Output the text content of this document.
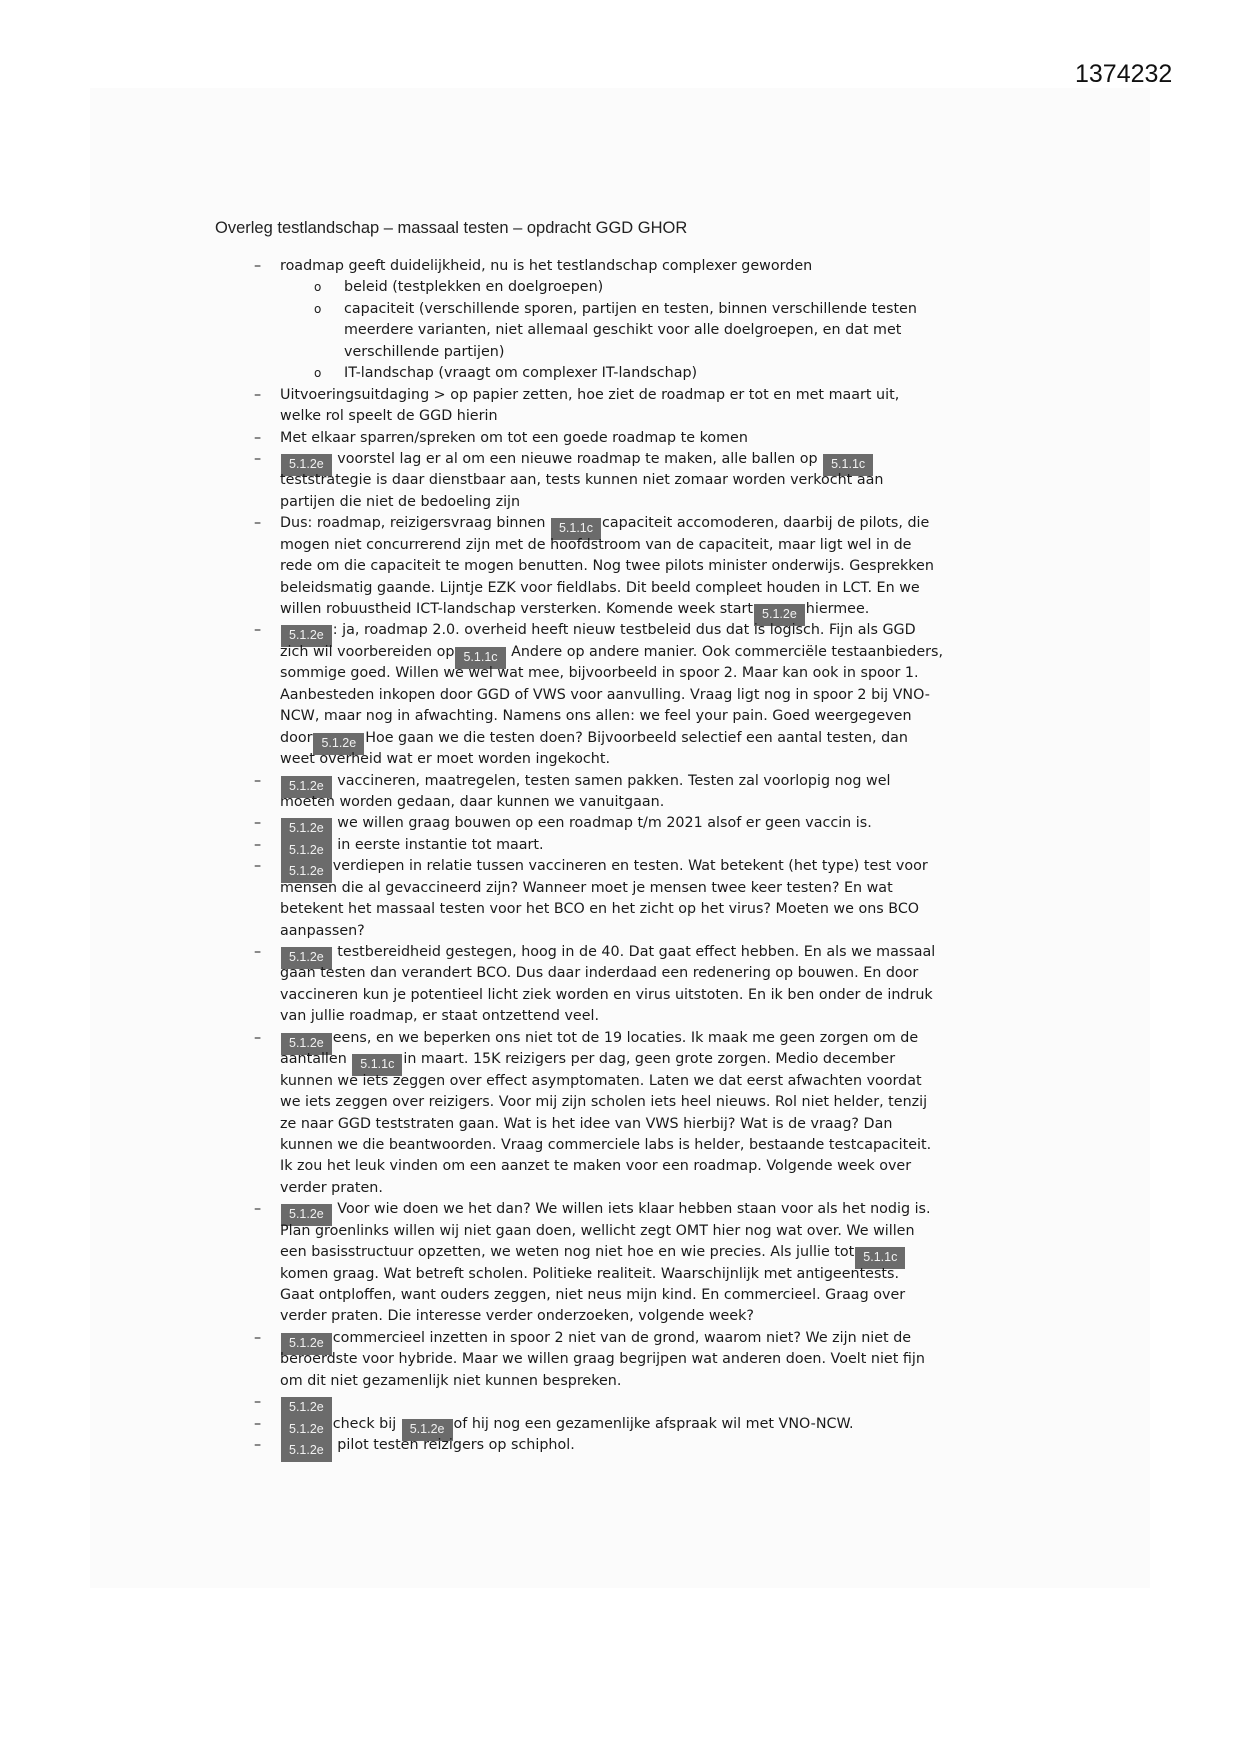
1374232
Overleg testlandschap – massaal testen – opdracht GGD GHOR
– roadmap geeft duidelijkheid, nu is het testlandschap complexer geworden
o beleid (testplekken en doelgroepen)
o capaciteit (verschillende sporen, partijen en testen, binnen verschillende testen
meerdere varianten, niet allemaal geschikt voor alle doelgroepen, en dat met
verschillende partijen)
o IT-landschap (vraagt om complexer IT-landschap)
– Uitvoeringsuitdaging > op papier zetten, hoe ziet de roadmap er tot en met maart uit,
welke rol speelt de GGD hierin
– Met elkaar sparren/spreken om tot een goede roadmap te komen
–	5.1.2e voorstel lag er al om een nieuwe roadmap te maken, alle ballen op 5.1.1c
teststrategie is daar dienstbaar aan, tests kunnen niet zomaar worden verkocht aan
partijen die niet de bedoeling zijn
– Dus: roadmap, reizigersvraag binnen 5.1.1c capaciteit accomoderen, daarbij de pilots, die
mogen niet concurrerend zijn met de hoofdstroom van de capaciteit, maar ligt wel in de
rede om die capaciteit te mogen benutten. Nog twee pilots minister onderwijs. Gesprekken
beleidsmatig gaande. Lijntje EZK voor fieldlabs. Dit beeld compleet houden in LCT. En we
willen robuustheid ICT-landschap versterken. Komende week start 5.1.2e hiermee.
–	5.1.2e : ja, roadmap 2.0. overheid heeft nieuw testbeleid dus dat is logisch. Fijn als GGD
zich wil voorbereiden op 5.1.1c Andere op andere manier. Ook commerciële testaanbieders,
sommige goed. Willen we wel wat mee, bijvoorbeeld in spoor 2. Maar kan ook in spoor 1.
Aanbesteden inkopen door GGD of VWS voor aanvulling. Vraag ligt nog in spoor 2 bij VNO-
NCW, maar nog in afwachting. Namens ons allen: we feel your pain. Goed weergegeven
door 5.1.2e Hoe gaan we die testen doen? Bijvoorbeeld selectief een aantal testen, dan
weet overheid wat er moet worden ingekocht.
–	5.1.2e vaccineren, maatregelen, testen samen pakken. Testen zal voorlopig nog wel
moeten worden gedaan, daar kunnen we vanuitgaan.
–	5.1.2e we willen graag bouwen op een roadmap t/m 2021 alsof er geen vaccin is.
–	5.1.2e in eerste instantie tot maart.
–	5.1.2e verdiepen in relatie tussen vaccineren en testen. Wat betekent (het type) test voor
mensen die al gevaccineerd zijn? Wanneer moet je mensen twee keer testen? En wat
betekent het massaal testen voor het BCO en het zicht op het virus? Moeten we ons BCO
aanpassen?
–	5.1.2e testbereidheid gestegen, hoog in de 40. Dat gaat effect hebben. En als we massaal
gaan testen dan verandert BCO. Dus daar inderdaad een redenering op bouwen. En door
vaccineren kun je potentieel licht ziek worden en virus uitstoten. En ik ben onder de indruk
van jullie roadmap, er staat ontzettend veel.
–	5.1.2e eens, en we beperken ons niet tot de 19 locaties. Ik maak me geen zorgen om de
aantallen 5.1.1c in maart. 15K reizigers per dag, geen grote zorgen. Medio december
kunnen we iets zeggen over effect asymptomaten. Laten we dat eerst afwachten voordat
we iets zeggen over reizigers. Voor mij zijn scholen iets heel nieuws. Rol niet helder, tenzij
ze naar GGD teststraten gaan. Wat is het idee van VWS hierbij? Wat is de vraag? Dan
kunnen we die beantwoorden. Vraag commerciele labs is helder, bestaande testcapaciteit.
Ik zou het leuk vinden om een aanzet te maken voor een roadmap. Volgende week over
verder praten.
–	5.1.2e Voor wie doen we het dan? We willen iets klaar hebben staan voor als het nodig is.
Plan groenlinks willen wij niet gaan doen, wellicht zegt OMT hier nog wat over. We willen
een basisstructuur opzetten, we weten nog niet hoe en wie precies. Als jullie tot 5.1.1c
komen graag. Wat betreft scholen. Politieke realiteit. Waarschijnlijk met antigeentests.
Gaat ontploffen, want ouders zeggen, niet neus mijn kind. En commercieel. Graag over
verder praten. Die interesse verder onderzoeken, volgende week?
–	5.1.2e commercieel inzetten in spoor 2 niet van de grond, waarom niet? We zijn niet de
beroerdste voor hybride. Maar we willen graag begrijpen wat anderen doen. Voelt niet fijn
om dit niet gezamenlijk niet kunnen bespreken.
–	5.1.2e
–	5.1.2e check bij 5.1.2e of hij nog een gezamenlijke afspraak wil met VNO-NCW.
–	5.1.2e pilot testen reizigers op schiphol.
